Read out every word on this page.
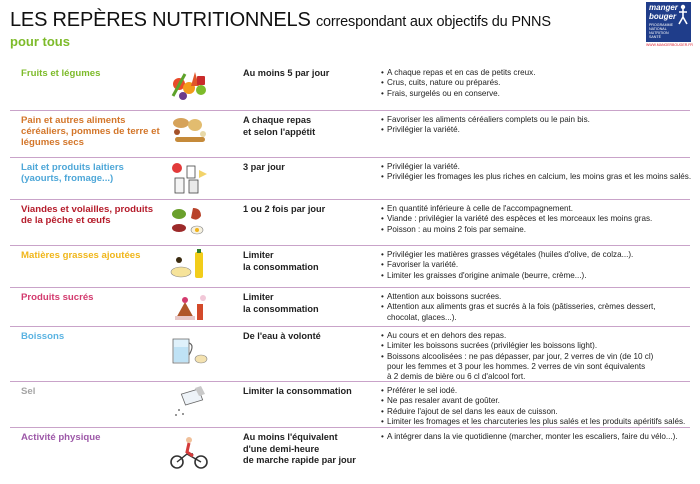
LES REPÈRES NUTRITIONNELS correspondant aux objectifs du PNNS
pour tous
manger
bouger
PROGRAMME NATIONAL NUTRITION SANTÉ
WWW.MANGERBOUGER.FR
Fruits et légumes	Au moins 5 par jour	• A chaque repas et en cas de petits creux.
• Crus, cuits, nature ou préparés.
• Frais, surgelés ou en conserve.
Pain et autres aliments céréaliers, pommes de terre et légumes secs
A chaque repas
et selon l'appétit
• Favoriser les aliments céréaliers complets ou le pain bis.
• Privilégier la variété.
Lait et produits laitiers (yaourts, fromage...)
3 par jour	• Privilégier la variété.
• Privilégier les fromages les plus riches en calcium, les moins gras et les moins salés.
Viandes et volailles, produits de la pêche et œufs
1 ou 2 fois par jour	• En quantité inférieure à celle de l'accompagnement.
• Viande : privilégier la variété des espèces et les morceaux les moins gras.
• Poisson : au moins 2 fois par semaine.
Matières grasses ajoutées	Limiter
la consommation
• Privilégier les matières grasses végétales (huiles d'olive, de colza...).
• Favoriser la variété.
• Limiter les graisses d'origine animale (beurre, crème...).
Produits sucrés	Limiter
la consommation
• Attention aux boissons sucrées.
• Attention aux aliments gras et sucrés à la fois (pâtisseries, crèmes dessert,
chocolat, glaces...).
Boissons	De l'eau à volonté	• Au cours et en dehors des repas.
• Limiter les boissons sucrées (privilégier les boissons light).
• Boissons alcoolisées : ne pas dépasser, par jour, 2 verres de vin (de 10 cl)
pour les femmes et 3 pour les hommes. 2 verres de vin sont équivalents
à 2 demis de bière ou 6 cl d'alcool fort.
Sel	Limiter la consommation	• Préférer le sel iodé.
• Ne pas resaler avant de goûter.
• Réduire l'ajout de sel dans les eaux de cuisson.
• Limiter les fromages et les charcuteries les plus salés et les produits apéritifs salés.
Activité physique	Au moins l'équivalent
d'une demi-heure
de marche rapide par jour
• A intégrer dans la vie quotidienne (marcher, monter les escaliers, faire du vélo...).
